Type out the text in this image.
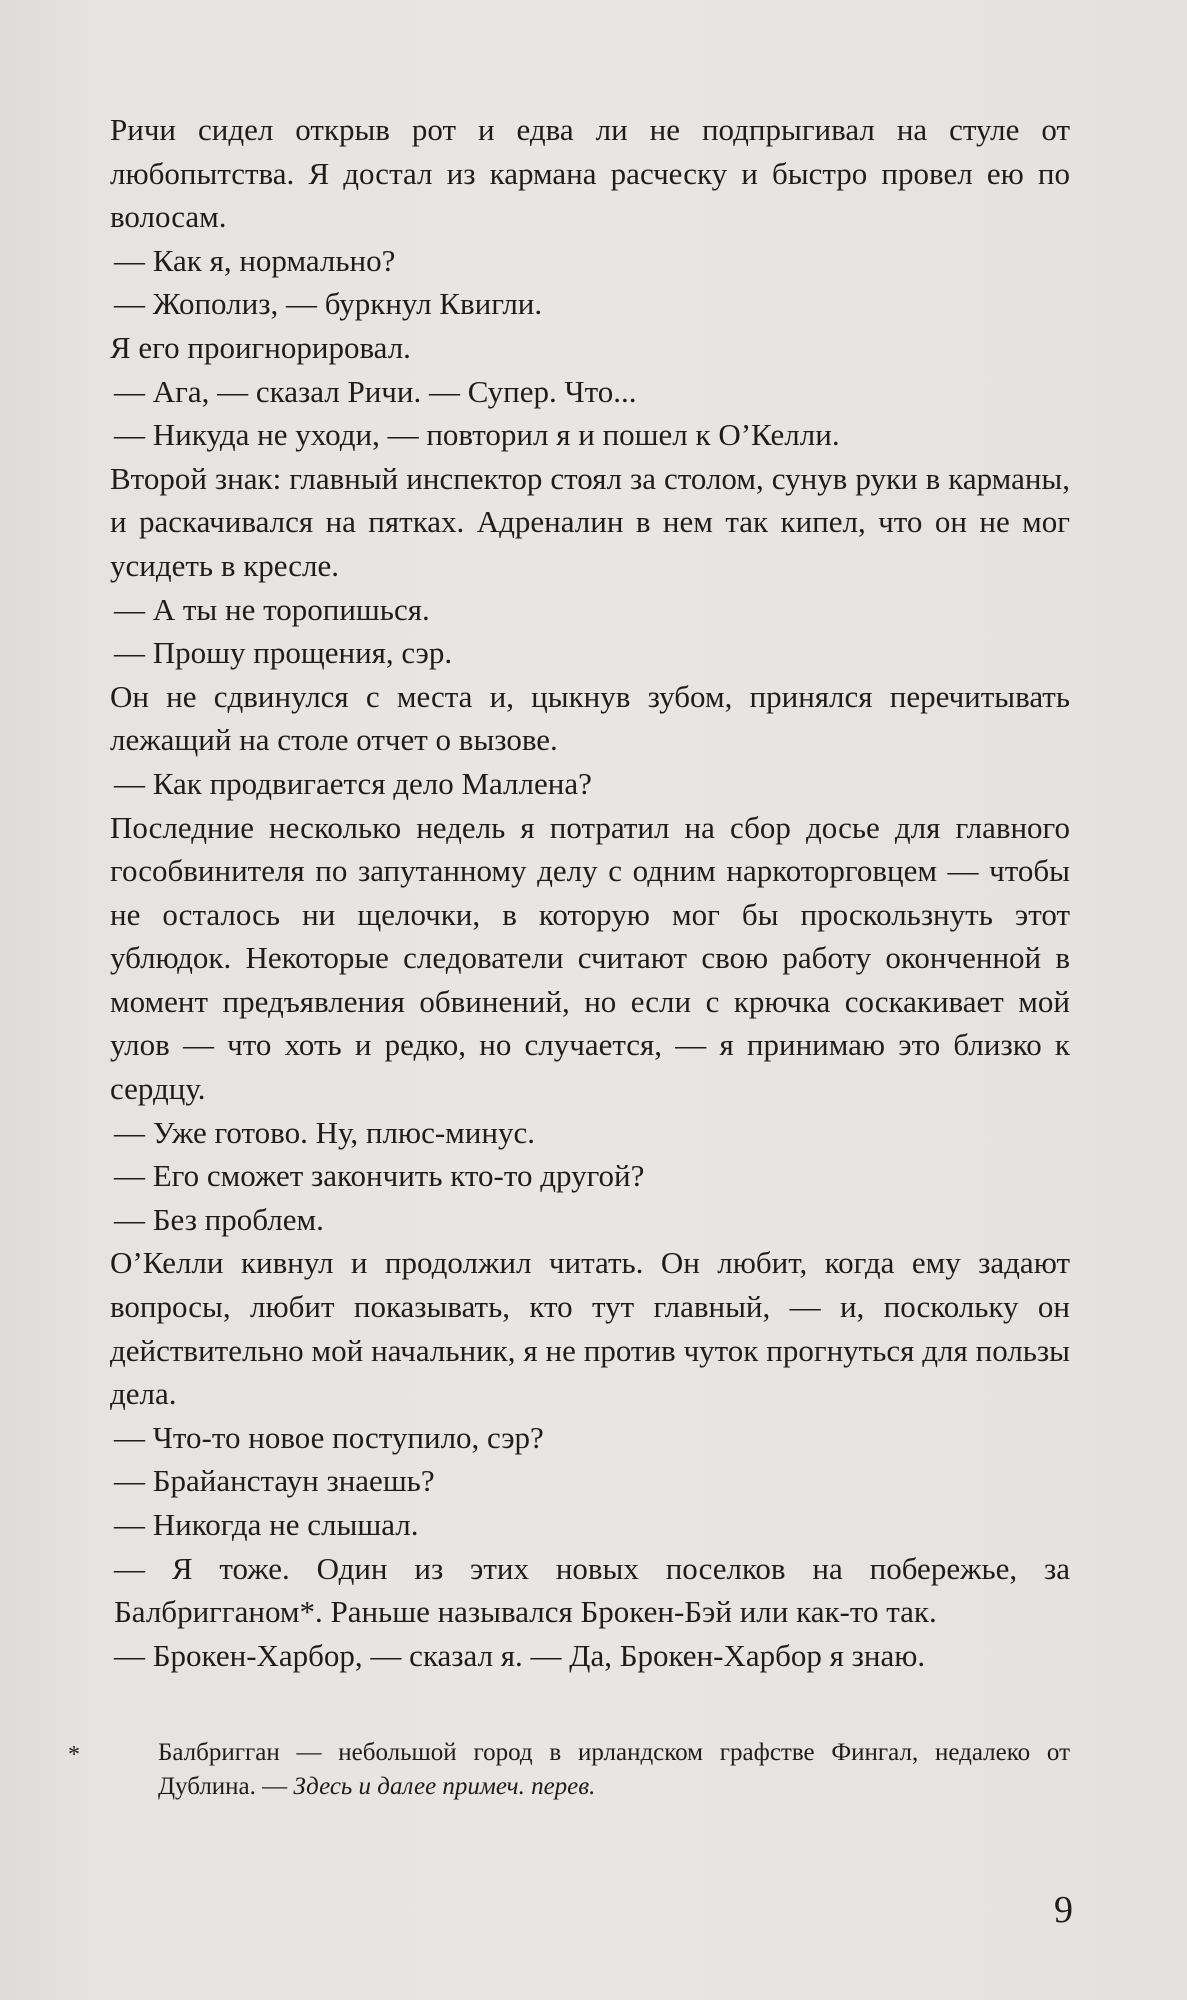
Ричи сидел открыв рот и едва ли не подпрыгивал на стуле от любопытства. Я достал из кармана расческу и быстро провел ею по волосам.

— Как я, нормально?

— Жополиз, — буркнул Квигли.

Я его проигнорировал.

— Ага, — сказал Ричи. — Супер. Что...

— Никуда не уходи, — повторил я и пошел к О’Келли.

Второй знак: главный инспектор стоял за столом, сунув руки в карманы, и раскачивался на пятках. Адреналин в нем так кипел, что он не мог усидеть в кресле.

— А ты не торопишься.

— Прошу прощения, сэр.

Он не сдвинулся с места и, цыкнув зубом, принялся перечитывать лежащий на столе отчет о вызове.

— Как продвигается дело Маллена?

Последние несколько недель я потратил на сбор досье для главного гособвинителя по запутанному делу с одним наркоторговцем — чтобы не осталось ни щелочки, в которую мог бы проскользнуть этот ублюдок. Некоторые следователи считают свою работу оконченной в момент предъявления обвинений, но если с крючка соскакивает мой улов — что хоть и редко, но случается, — я принимаю это близко к сердцу.

— Уже готово. Ну, плюс-минус.

— Его сможет закончить кто-то другой?

— Без проблем.

О’Келли кивнул и продолжил читать. Он любит, когда ему задают вопросы, любит показывать, кто тут главный, — и, поскольку он действительно мой начальник, я не против чуток прогнуться для пользы дела.

— Что-то новое поступило, сэр?

— Брайанстаун знаешь?

— Никогда не слышал.

— Я тоже. Один из этих новых поселков на побережье, за Балбригганом*. Раньше назывался Брокен-Бэй или как-то так.

— Брокен-Харбор, — сказал я. — Да, Брокен-Харбор я знаю.

*	Балбригган — небольшой город в ирландском графстве Фингал, недалеко от Дублина. — Здесь и далее примеч. перев.
9
